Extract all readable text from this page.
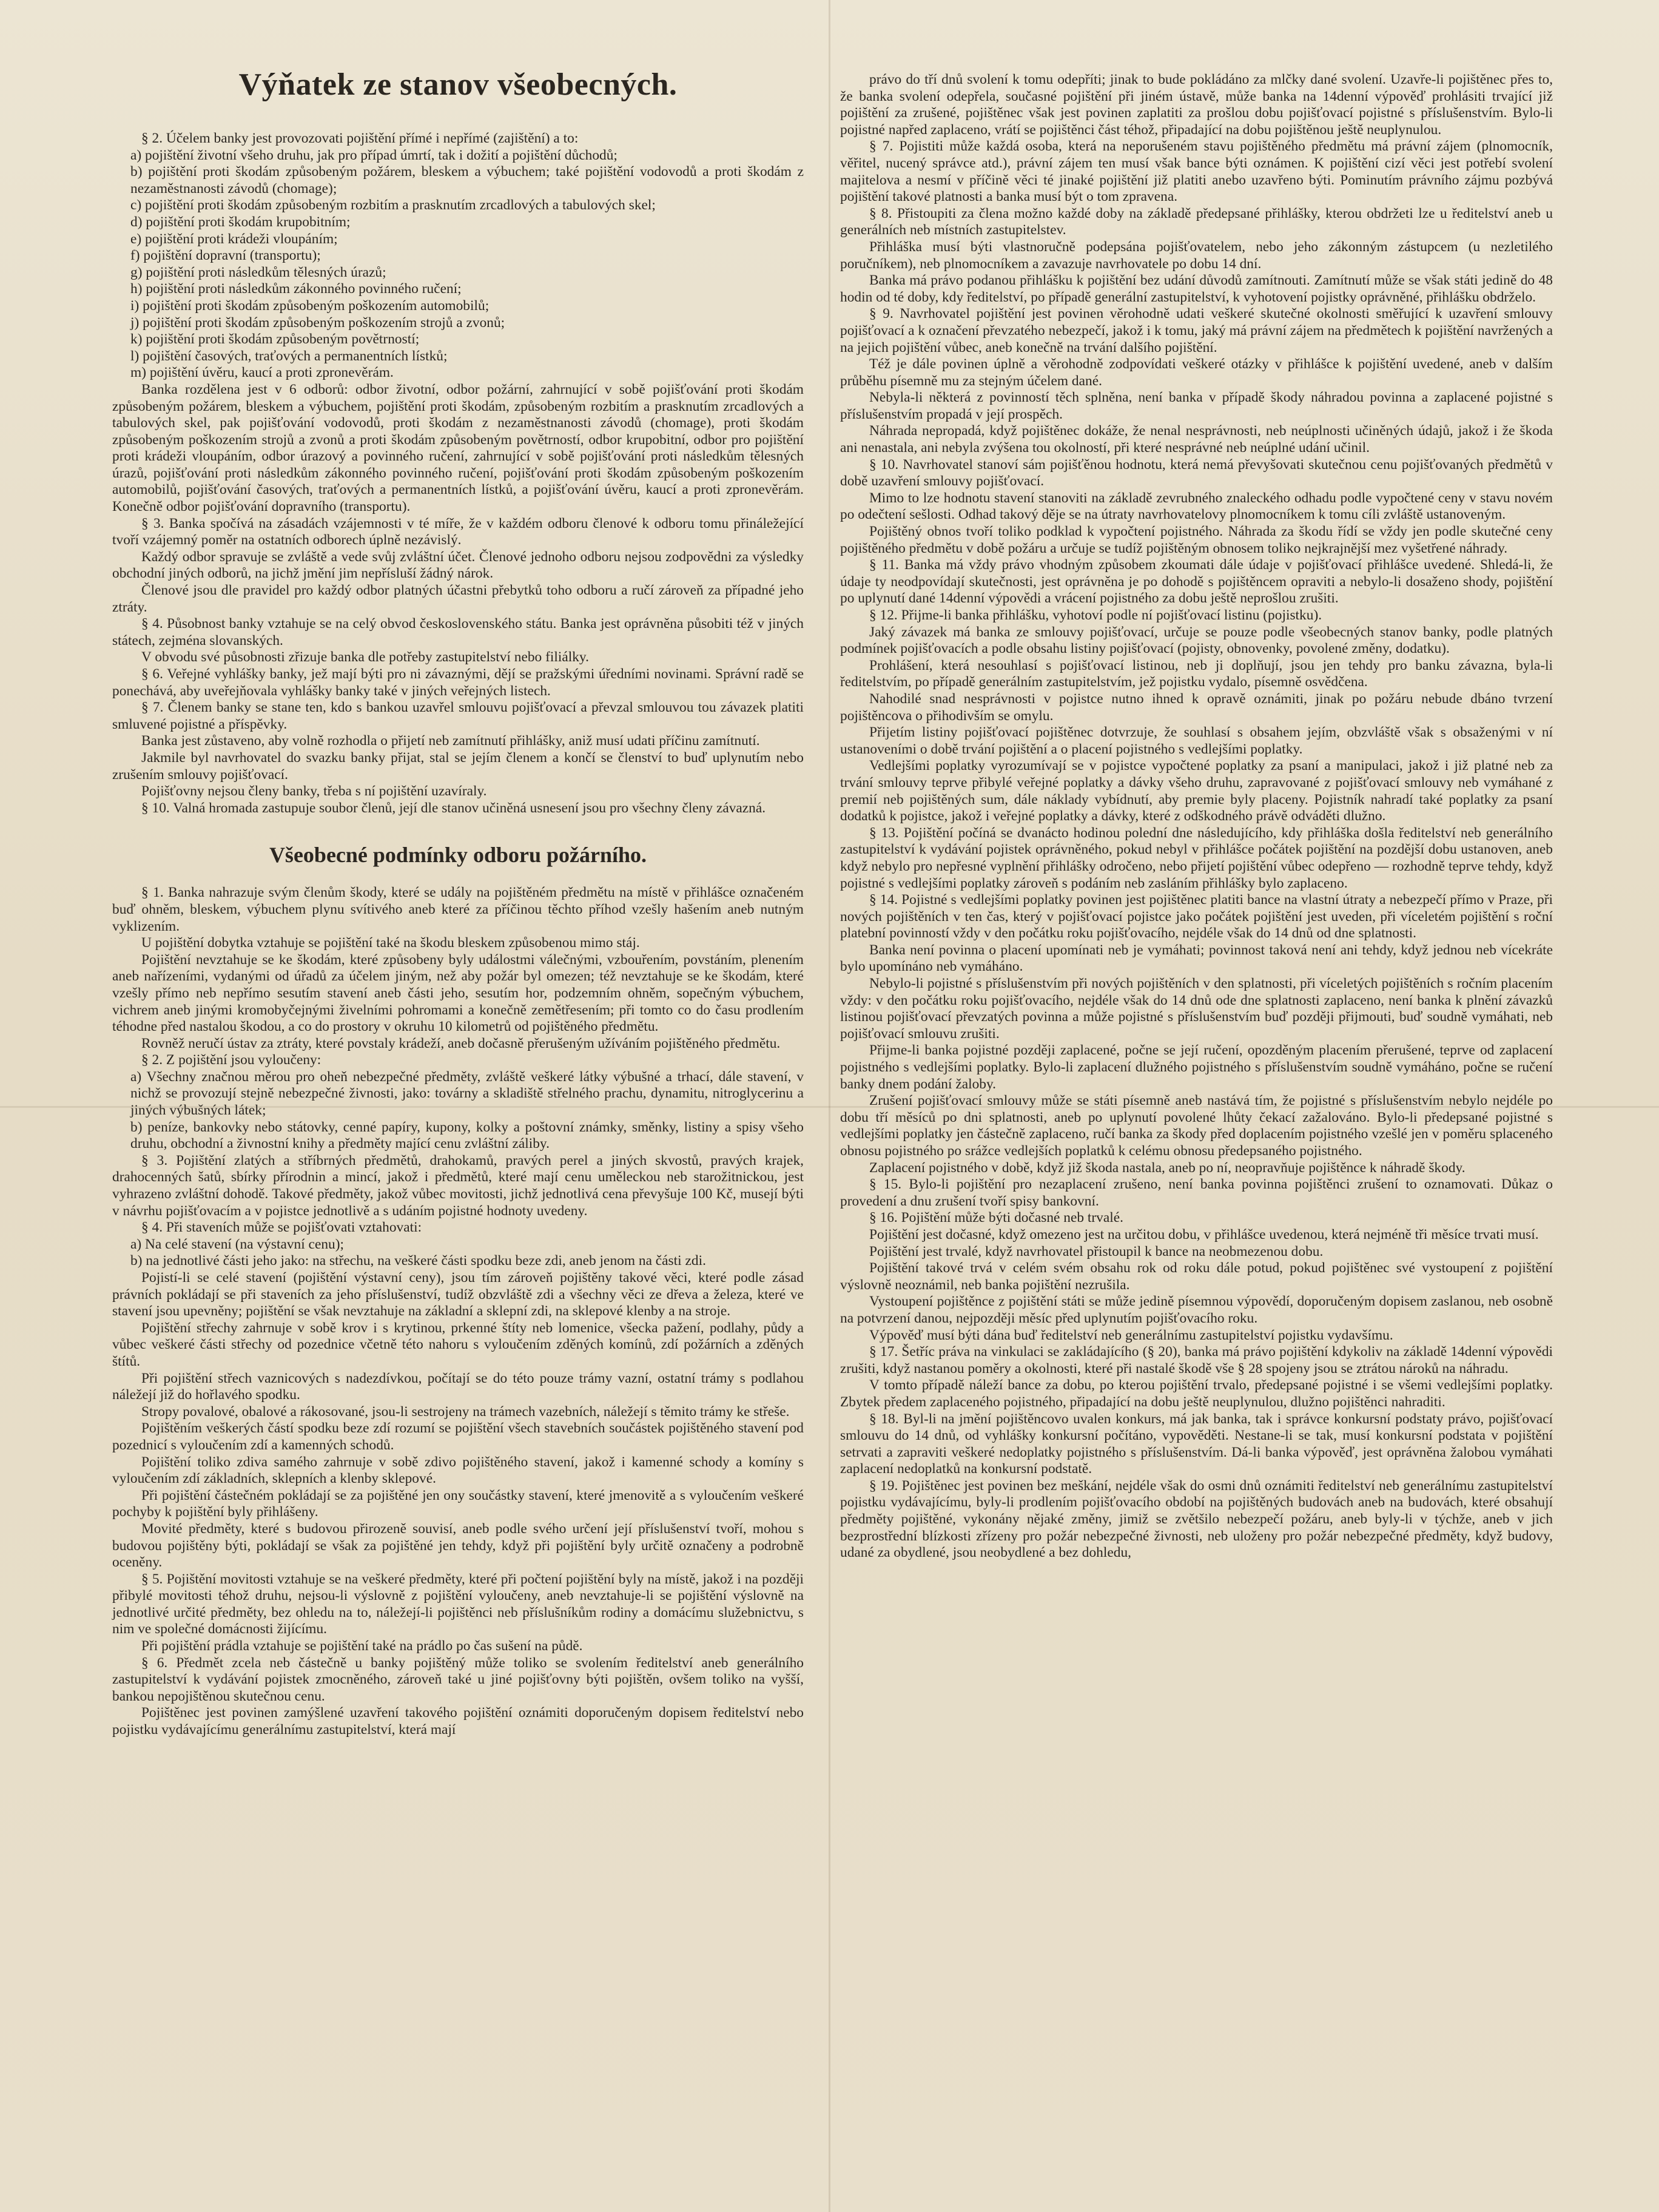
Výňatek ze stanov všeobecných.

§ 2. Účelem banky jest provozovati pojištění přímé i nepřímé (zajištění) a to:

a) pojištění životní všeho druhu, jak pro případ úmrtí, tak i dožití a pojištění důchodů;

b) pojištění proti škodám způsobeným požárem, bleskem a výbuchem; také pojištění vodovodů a proti škodám z nezaměstnanosti závodů (chomage);

c) pojištění proti škodám způsobeným rozbitím a prasknutím zrcadlových a tabulových skel;

d) pojištění proti škodám krupobitním;

e) pojištění proti krádeži vloupáním;

f) pojištění dopravní (transportu);

g) pojištění proti následkům tělesných úrazů;

h) pojištění proti následkům zákonného povinného ručení;

i) pojištění proti škodám způsobeným poškozením automobilů;

j) pojištění proti škodám způsobeným poškozením strojů a zvonů;

k) pojištění proti škodám způsobeným povětrností;

l) pojištění časových, traťových a permanentních lístků;

m) pojištění úvěru, kaucí a proti zpronevěrám.

Banka rozdělena jest v 6 odborů: odbor životní, odbor požární, zahrnující v sobě pojišťování proti škodám způsobeným požárem, bleskem a výbuchem, pojištění proti škodám, způsobeným rozbitím a prasknutím zrcadlových a tabulových skel, pak pojišťování vodovodů, proti škodám z nezaměstnanosti závodů (chomage), proti škodám způsobeným poškozením strojů a zvonů a proti škodám způsobeným povětrností, odbor krupobitní, odbor pro pojištění proti krádeži vloupáním, odbor úrazový a povinného ručení, zahrnující v sobě pojišťování proti následkům tělesných úrazů, pojišťování proti následkům zákonného povinného ručení, pojišťování proti škodám způsobeným poškozením automobilů, pojišťování časových, traťových a permanentních lístků, a pojišťování úvěru, kaucí a proti zpronevěrám. Konečně odbor pojišťování dopravního (transportu).

§ 3. Banka spočívá na zásadách vzájemnosti v té míře, že v každém odboru členové k odboru tomu přináležející tvoří vzájemný poměr na ostatních odborech úplně nezávislý.

Každý odbor spravuje se zvláště a vede svůj zvláštní účet. Členové jednoho odboru nejsou zodpovědni za výsledky obchodní jiných odborů, na jichž jmění jim nepřísluší žádný nárok.

Členové jsou dle pravidel pro každý odbor platných účastni přebytků toho odboru a ručí zároveň za případné jeho ztráty.

§ 4. Působnost banky vztahuje se na celý obvod československého státu. Banka jest oprávněna působiti též v jiných státech, zejména slovanských.

V obvodu své působnosti zřizuje banka dle potřeby zastupitelství nebo filiálky.

§ 6. Veřejné vyhlášky banky, jež mají býti pro ni závaznými, dějí se pražskými úředními novinami. Správní radě se ponechává, aby uveřejňovala vyhlášky banky také v jiných veřejných listech.

§ 7. Členem banky se stane ten, kdo s bankou uzavřel smlouvu pojišťovací a převzal smlouvou tou závazek platiti smluvené pojistné a příspěvky.

Banka jest zůstaveno, aby volně rozhodla o přijetí neb zamítnutí přihlášky, aniž musí udati příčinu zamítnutí.

Jakmile byl navrhovatel do svazku banky přijat, stal se jejím členem a končí se členství to buď uplynutím nebo zrušením smlouvy pojišťovací.

Pojišťovny nejsou členy banky, třeba s ní pojištění uzavíraly.

§ 10. Valná hromada zastupuje soubor členů, její dle stanov učiněná usnesení jsou pro všechny členy závazná.

Všeobecné podmínky odboru požárního.

§ 1. Banka nahrazuje svým členům škody, které se udály na pojištěném předmětu na místě v přihlášce označeném buď ohněm, bleskem, výbuchem plynu svítivého aneb které za příčinou těchto příhod vzešly hašením aneb nutným vyklizením.

U pojištění dobytka vztahuje se pojištění také na škodu bleskem způsobenou mimo stáj.

Pojištění nevztahuje se ke škodám, které způsobeny byly událostmi válečnými, vzbouřením, povstáním, plenením aneb nařízeními, vydanými od úřadů za účelem jiným, než aby požár byl omezen; též nevztahuje se ke škodám, které vzešly přímo neb nepřímo sesutím stavení aneb části jeho, sesutím hor, podzemním ohněm, sopečným výbuchem, vichrem aneb jinými kromobyčejnými živelními pohromami a konečně zemětřesením; při tomto co do času prodlením téhodne před nastalou škodou, a co do prostory v okruhu 10 kilometrů od pojištěného předmětu.

Rovněž neručí ústav za ztráty, které povstaly krádeží, aneb dočasně přerušeným užíváním pojištěného předmětu.

§ 2. Z pojištění jsou vyloučeny:

a) Všechny značnou měrou pro oheň nebezpečné předměty, zvláště veškeré látky výbušné a trhací, dále stavení, v nichž se provozují stejně nebezpečné živnosti, jako: továrny a skladiště střelného prachu, dynamitu, nitroglycerinu a jiných výbušných látek;

b) peníze, bankovky nebo státovky, cenné papíry, kupony, kolky a poštovní známky, směnky, listiny a spisy všeho druhu, obchodní a živnostní knihy a předměty mající cenu zvláštní záliby.

§ 3. Pojištění zlatých a stříbrných předmětů, drahokamů, pravých perel a jiných skvostů, pravých krajek, drahocenných šatů, sbírky přírodnin a mincí, jakož i předmětů, které mají cenu uměleckou neb starožitnickou, jest vyhrazeno zvláštní dohodě. Takové předměty, jakož vůbec movitosti, jichž jednotlivá cena převyšuje 100 Kč, musejí býti v návrhu pojišťovacím a v pojistce jednotlivě a s udáním pojistné hodnoty uvedeny.

§ 4. Při staveních může se pojišťovati vztahovati:

a) Na celé stavení (na výstavní cenu);

b) na jednotlivé části jeho jako: na střechu, na veškeré části spodku beze zdi, aneb jenom na části zdi.

Pojistí-li se celé stavení (pojištění výstavní ceny), jsou tím zároveň pojištěny takové věci, které podle zásad právních pokládají se při staveních za jeho příslušenství, tudíž obzvláště zdi a všechny věci ze dřeva a železa, které ve stavení jsou upevněny; pojištění se však nevztahuje na základní a sklepní zdi, na sklepové klenby a na stroje.

Pojištění střechy zahrnuje v sobě krov i s krytinou, prkenné štíty neb lomenice, všecka pažení, podlahy, půdy a vůbec veškeré části střechy od pozednice včetně této nahoru s vyloučením zděných komínů, zdí požárních a zděných štítů.

Při pojištění střech vaznicových s nadezdívkou, počítají se do této pouze trámy vazní, ostatní trámy s podlahou náležejí již do hořlavého spodku.

Stropy povalové, obalové a rákosované, jsou-li sestrojeny na trámech vazebních, náležejí s těmito trámy ke střeše.

Pojištěním veškerých částí spodku beze zdí rozumí se pojištění všech stavebních součástek pojištěného stavení pod pozednicí s vyloučením zdí a kamenných schodů.

Pojištění toliko zdiva samého zahrnuje v sobě zdivo pojištěného stavení, jakož i kamenné schody a komíny s vyloučením zdí základních, sklepních a klenby sklepové.

Při pojištění částečném pokládají se za pojištěné jen ony součástky stavení, které jmenovitě a s vyloučením veškeré pochyby k pojištění byly přihlášeny.

Movité předměty, které s budovou přirozeně souvisí, aneb podle svého určení její příslušenství tvoří, mohou s budovou pojištěny býti, pokládají se však za pojištěné jen tehdy, když při pojištění byly určitě označeny a podrobně oceněny.

§ 5. Pojištění movitosti vztahuje se na veškeré předměty, které při počtení pojištění byly na místě, jakož i na později přibylé movitosti téhož druhu, nejsou-li výslovně z pojištění vyloučeny, aneb nevztahuje-li se pojištění výslovně na jednotlivé určité předměty, bez ohledu na to, náležejí-li pojištěnci neb příslušníkům rodiny a domácímu služebnictvu, s nim ve společné domácnosti žijícímu.

Při pojištění prádla vztahuje se pojištění také na prádlo po čas sušení na půdě.

§ 6. Předmět zcela neb částečně u banky pojištěný může toliko se svolením ředitelství aneb generálního zastupitelství k vydávání pojistek zmocněného, zároveň také u jiné pojišťovny býti pojištěn, ovšem toliko na vyšší, bankou nepojištěnou skutečnou cenu.

Pojištěnec jest povinen zamýšlené uzavření takového pojištění oznámiti doporučeným dopisem ředitelství nebo pojistku vydávajícímu generálnímu zastupitelství, která mají

právo do tří dnů svolení k tomu odepříti; jinak to bude pokládáno za mlčky dané svolení. Uzavře-li pojištěnec přes to, že banka svolení odepřela, současné pojištění při jiném ústavě, může banka na 14denní výpověď prohlásiti trvající již pojištění za zrušené, pojištěnec však jest povinen zaplatiti za prošlou dobu pojišťovací pojistné s příslušenstvím. Bylo-li pojistné napřed zaplaceno, vrátí se pojištěnci část téhož, připadající na dobu pojištěnou ještě neuplynulou.

§ 7. Pojistiti může každá osoba, která na neporušeném stavu pojištěného předmětu má právní zájem (plnomocník, věřitel, nucený správce atd.), právní zájem ten musí však bance býti oznámen. K pojištění cizí věci jest potřebí svolení majitelova a nesmí v příčině věci té jinaké pojištění již platiti anebo uzavřeno býti. Pominutím právního zájmu pozbývá pojištění takové platnosti a banka musí být o tom zpravena.

§ 8. Přistoupiti za člena možno každé doby na základě předepsané přihlášky, kterou obdržeti lze u ředitelství aneb u generálních neb místních zastupitelstev.

Přihláška musí býti vlastnoručně podepsána pojišťovatelem, nebo jeho zákonným zástupcem (u nezletilého poručníkem), neb plnomocníkem a zavazuje navrhovatele po dobu 14 dní.

Banka má právo podanou přihlášku k pojištění bez udání důvodů zamítnouti. Zamítnutí může se však státi jedině do 48 hodin od té doby, kdy ředitelství, po případě generální zastupitelství, k vyhotovení pojistky oprávněné, přihlášku obdrželo.

§ 9. Navrhovatel pojištění jest povinen věrohodně udati veškeré skutečné okolnosti směřující k uzavření smlouvy pojišťovací a k označení převzatého nebezpečí, jakož i k tomu, jaký má právní zájem na předmětech k pojištění navržených a na jejich pojištění vůbec, aneb konečně na trvání dalšího pojištění.

Též je dále povinen úplně a věrohodně zodpovídati veškeré otázky v přihlášce k pojištění uvedené, aneb v dalším průběhu písemně mu za stejným účelem dané.

Nebyla-li některá z povinností těch splněna, není banka v případě škody náhradou povinna a zaplacené pojistné s příslušenstvím propadá v její prospěch.

Náhrada nepropadá, když pojištěnec dokáže, že nenal nesprávnosti, neb neúplnosti učiněných údajů, jakož i že škoda ani nenastala, ani nebyla zvýšena tou okolností, při které nesprávné neb neúplné udání učinil.

§ 10. Navrhovatel stanoví sám pojišťěnou hodnotu, která nemá převyšovati skutečnou cenu pojišťovaných předmětů v době uzavření smlouvy pojišťovací.

Mimo to lze hodnotu stavení stanoviti na základě zevrubného znaleckého odhadu podle vypočtené ceny v stavu novém po odečtení sešlosti. Odhad takový děje se na útraty navrhovatelovy plnomocníkem k tomu cíli zvláště ustanoveným.

Pojištěný obnos tvoří toliko podklad k vypočtení pojistného. Náhrada za škodu řídí se vždy jen podle skutečné ceny pojištěného předmětu v době požáru a určuje se tudíž pojištěným obnosem toliko nejkrajnější mez vyšetřené náhrady.

§ 11. Banka má vždy právo vhodným způsobem zkoumati dále údaje v pojišťovací přihlášce uvedené. Shledá-li, že údaje ty neodpovídají skutečnosti, jest oprávněna je po dohodě s pojištěncem opraviti a nebylo-li dosaženo shody, pojištění po uplynutí dané 14denní výpovědi a vrácení pojistného za dobu ještě neprošlou zrušiti.

§ 12. Přijme-li banka přihlášku, vyhotoví podle ní pojišťovací listinu (pojistku).

Jaký závazek má banka ze smlouvy pojišťovací, určuje se pouze podle všeobecných stanov banky, podle platných podmínek pojišťovacích a podle obsahu listiny pojišťovací (pojisty, obnovenky, povolené změny, dodatku).

Prohlášení, která nesouhlasí s pojišťovací listinou, neb ji doplňují, jsou jen tehdy pro banku závazna, byla-li ředitelstvím, po případě generálním zastupitelstvím, jež pojistku vydalo, písemně osvědčena.

Nahodilé snad nesprávnosti v pojistce nutno ihned k opravě oznámiti, jinak po požáru nebude dbáno tvrzení pojištěncova o přihodivším se omylu.

Přijetím listiny pojišťovací pojištěnec dotvrzuje, že souhlasí s obsahem jejím, obzvláště však s obsaženými v ní ustanoveními o době trvání pojištění a o placení pojistného s vedlejšími poplatky.

Vedlejšími poplatky vyrozumívají se v pojistce vypočtené poplatky za psaní a manipulaci, jakož i již platné neb za trvání smlouvy teprve přibylé veřejné poplatky a dávky všeho druhu, zapravované z pojišťovací smlouvy neb vymáhané z premií neb pojištěných sum, dále náklady vybídnutí, aby premie byly placeny. Pojistník nahradí také poplatky za psaní dodatků k pojistce, jakož i veřejné poplatky a dávky, které z odškodného právě odváděti dlužno.

§ 13. Pojištění počíná se dvanácto hodinou polední dne následujícího, kdy přihláška došla ředitelství neb generálního zastupitelství k vydávání pojistek oprávněného, pokud nebyl v přihlášce počátek pojištění na pozdější dobu ustanoven, aneb když nebylo pro nepřesné vyplnění přihlášky odročeno, nebo přijetí pojištění vůbec odepřeno — rozhodně teprve tehdy, když pojistné s vedlejšími poplatky zároveň s podáním neb zasláním přihlášky bylo zaplaceno.

§ 14. Pojistné s vedlejšími poplatky povinen jest pojištěnec platiti bance na vlastní útraty a nebezpečí přímo v Praze, při nových pojištěních v ten čas, který v pojišťovací pojistce jako počátek pojištění jest uveden, při víceletém pojištění s roční platební povinností vždy v den počátku roku pojišťovacího, nejdéle však do 14 dnů od dne splatnosti.

Banka není povinna o placení upomínati neb je vymáhati; povinnost taková není ani tehdy, když jednou neb vícekráte bylo upomínáno neb vymáháno.

Nebylo-li pojistné s příslušenstvím při nových pojištěních v den splatnosti, při víceletých pojištěních s ročním placením vždy: v den počátku roku pojišťovacího, nejdéle však do 14 dnů ode dne splatnosti zaplaceno, není banka k plnění závazků listinou pojišťovací převzatých povinna a může pojistné s příslušenstvím buď později přijmouti, buď soudně vymáhati, neb pojišťovací smlouvu zrušiti.

Přijme-li banka pojistné později zaplacené, počne se její ručení, opozděným placením přerušené, teprve od zaplacení pojistného s vedlejšími poplatky. Bylo-li zaplacení dlužného pojistného s příslušenstvím soudně vymáháno, počne se ručení banky dnem podání žaloby.

Zrušení pojišťovací smlouvy může se státi písemně aneb nastává tím, že pojistné s příslušenstvím nebylo nejdéle po dobu tří měsíců po dni splatnosti, aneb po uplynutí povolené lhůty čekací zažalováno. Bylo-li předepsané pojistné s vedlejšími poplatky jen částečně zaplaceno, ručí banka za škody před doplacením pojistného vzešlé jen v poměru splaceného obnosu pojistného po srážce vedlejších poplatků k celému obnosu předepsaného pojistného.

Zaplacení pojistného v době, když již škoda nastala, aneb po ní, neopravňuje pojištěnce k náhradě škody.

§ 15. Bylo-li pojištění pro nezaplacení zrušeno, není banka povinna pojištěnci zrušení to oznamovati. Důkaz o provedení a dnu zrušení tvoří spisy bankovní.

§ 16. Pojištění může býti dočasné neb trvalé.

Pojištění jest dočasné, když omezeno jest na určitou dobu, v přihlášce uvedenou, která nejméně tři měsíce trvati musí.

Pojištění jest trvalé, když navrhovatel přistoupil k bance na neobmezenou dobu.

Pojištění takové trvá v celém svém obsahu rok od roku dále potud, pokud pojištěnec své vystoupení z pojištění výslovně neoznámil, neb banka pojištění nezrušila.

Vystoupení pojištěnce z pojištění státi se může jedině písemnou výpovědí, doporučeným dopisem zaslanou, neb osobně na potvrzení danou, nejpozději měsíc před uplynutím pojišťovacího roku.

Výpověď musí býti dána buď ředitelství neb generálnímu zastupitelství pojistku vydavšímu.

§ 17. Šetříc práva na vinkulaci se zakládajícího (§ 20), banka má právo pojištění kdykoliv na základě 14denní výpovědi zrušiti, když nastanou poměry a okolnosti, které při nastalé škodě vše § 28 spojeny jsou se ztrátou nároků na náhradu.

V tomto případě náleží bance za dobu, po kterou pojištění trvalo, předepsané pojistné i se všemi vedlejšími poplatky. Zbytek předem zaplaceného pojistného, připadající na dobu ještě neuplynulou, dlužno pojištěnci nahraditi.

§ 18. Byl-li na jmění pojištěncovo uvalen konkurs, má jak banka, tak i správce konkursní podstaty právo, pojišťovací smlouvu do 14 dnů, od vyhlášky konkursní počítáno, vypověděti. Nestane-li se tak, musí konkursní podstata v pojištění setrvati a zapraviti veškeré nedoplatky pojistného s příslušenstvím. Dá-li banka výpověď, jest oprávněna žalobou vymáhati zaplacení nedoplatků na konkursní podstatě.

§ 19. Pojištěnec jest povinen bez meškání, nejdéle však do osmi dnů oznámiti ředitelství neb generálnímu zastupitelství pojistku vydávajícímu, byly-li prodlením pojišťovacího období na pojištěných budovách aneb na budovách, které obsahují předměty pojištěné, vykonány nějaké změny, jimiž se zvětšilo nebezpečí požáru, aneb byly-li v týchže, aneb v jich bezprostřední blízkosti zřízeny pro požár nebezpečné živnosti, neb uloženy pro požár nebezpečné předměty, když budovy, udané za obydlené, jsou neobydlené a bez dohledu,
